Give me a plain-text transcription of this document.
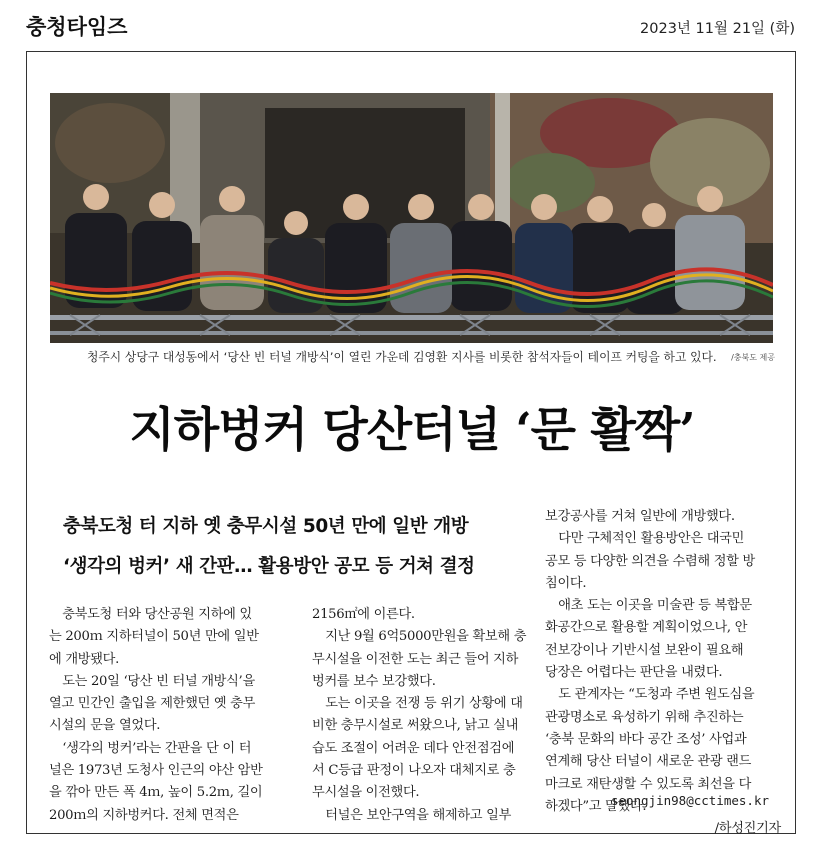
충청타임즈	2023년 11월 21일 (화)
청주시 상당구 대성동에서 ‘당산 빈 터널 개방식’이 열린 가운데 김영환 지사를 비롯한 참석자들이 테이프 커팅을 하고 있다.	/충북도 제공
지하벙커 당산터널 ‘문 활짝’
충북도청 터 지하 옛 충무시설 50년 만에 일반 개방
‘생각의 벙커’ 새 간판… 활용방안 공모 등 거쳐 결정

충북도청 터와 당산공원 지하에 있
는 200ｍ 지하터널이 50년 만에 일반
에 개방됐다.

도는 20일 ‘당산 빈 터널 개방식’을
열고 민간인 출입을 제한했던 옛 충무
시설의 문을 열었다.

‘생각의 벙커’라는 간판을 단 이 터
널은 1973년 도청사 인근의 야산 암반
을 깎아 만든 폭 4ｍ, 높이 5.2ｍ, 길이
200ｍ의 지하벙커다. 전체 면적은

2156㎡에 이른다.

지난 9월 6억5000만원을 확보해 충
무시설을 이전한 도는 최근 들어 지하
벙커를 보수 보강했다.

도는 이곳을 전쟁 등 위기 상황에 대
비한 충무시설로 써왔으나, 낡고 실내
습도 조절이 어려운 데다 안전점검에
서 C등급 판정이 나오자 대체지로 충
무시설을 이전했다.

터널은 보안구역을 해제하고 일부

보강공사를 거쳐 일반에 개방했다.

다만 구체적인 활용방안은 대국민
공모 등 다양한 의견을 수렴해 정할 방
침이다.

애초 도는 이곳을 미술관 등 복합문
화공간으로 활용할 계획이었으나, 안
전보강이나 기반시설 보완이 필요해
당장은 어렵다는 판단을 내렸다.

도 관계자는 “도청과 주변 원도심을
관광명소로 육성하기 위해 추진하는
‘충북 문화의 바다 공간 조성’ 사업과
연계해 당산 터널이 새로운 관광 랜드
마크로 재탄생할 수 있도록 최선을 다
하겠다”고 말했다.

/하성진기자
seongjin98@cctimes.kr
